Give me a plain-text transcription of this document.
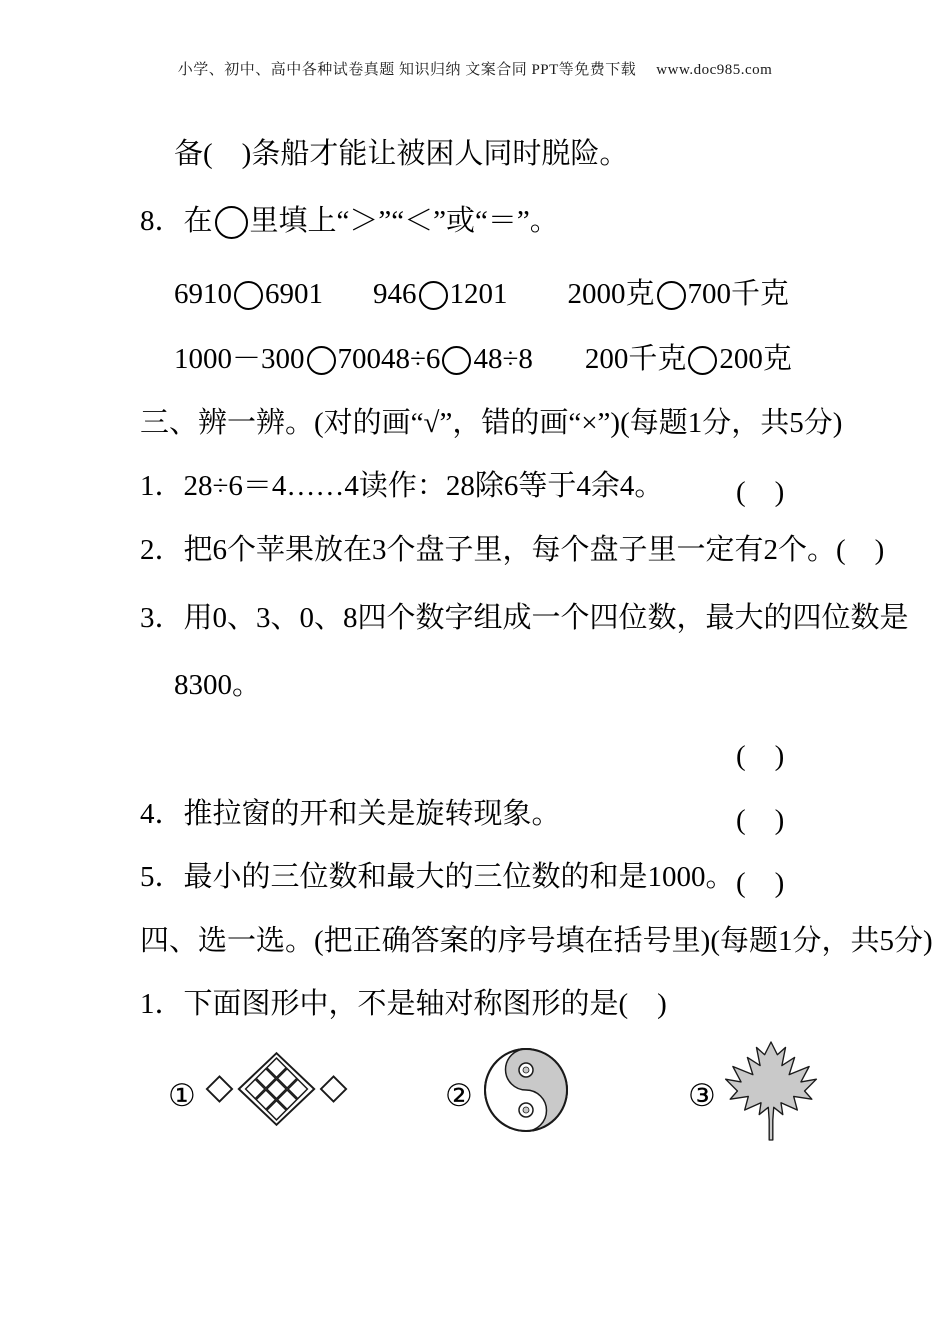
小学、初中、高中各种试卷真题 知识归纳 文案合同 PPT等免费下载 www.doc985.com
备(　)条船才能让被困人同时脱险。
8．在 里填上“＞”“＜”或“＝”。
6910 6901 946 1201 2000克 700千克
1000－300 70048÷6 48÷8 200千克 200克
三、辨一辨。(对的画“√”，错的画“×”)(每题1分，共5分)
1．28÷6＝4……4读作：28除6等于4余4。	(　)
2．把6个苹果放在3个盘子里，每个盘子里一定有2个。(　)
3．用0、3、0、8四个数字组成一个四位数，最大的四位数是
8300。
(　)
4．推拉窗的开和关是旋转现象。	(　)
5．最小的三位数和最大的三位数的和是1000。 (　)
四、选一选。(把正确答案的序号填在括号里)(每题1分，共5分)
1．下面图形中，不是轴对称图形的是(　)
①	②	③
